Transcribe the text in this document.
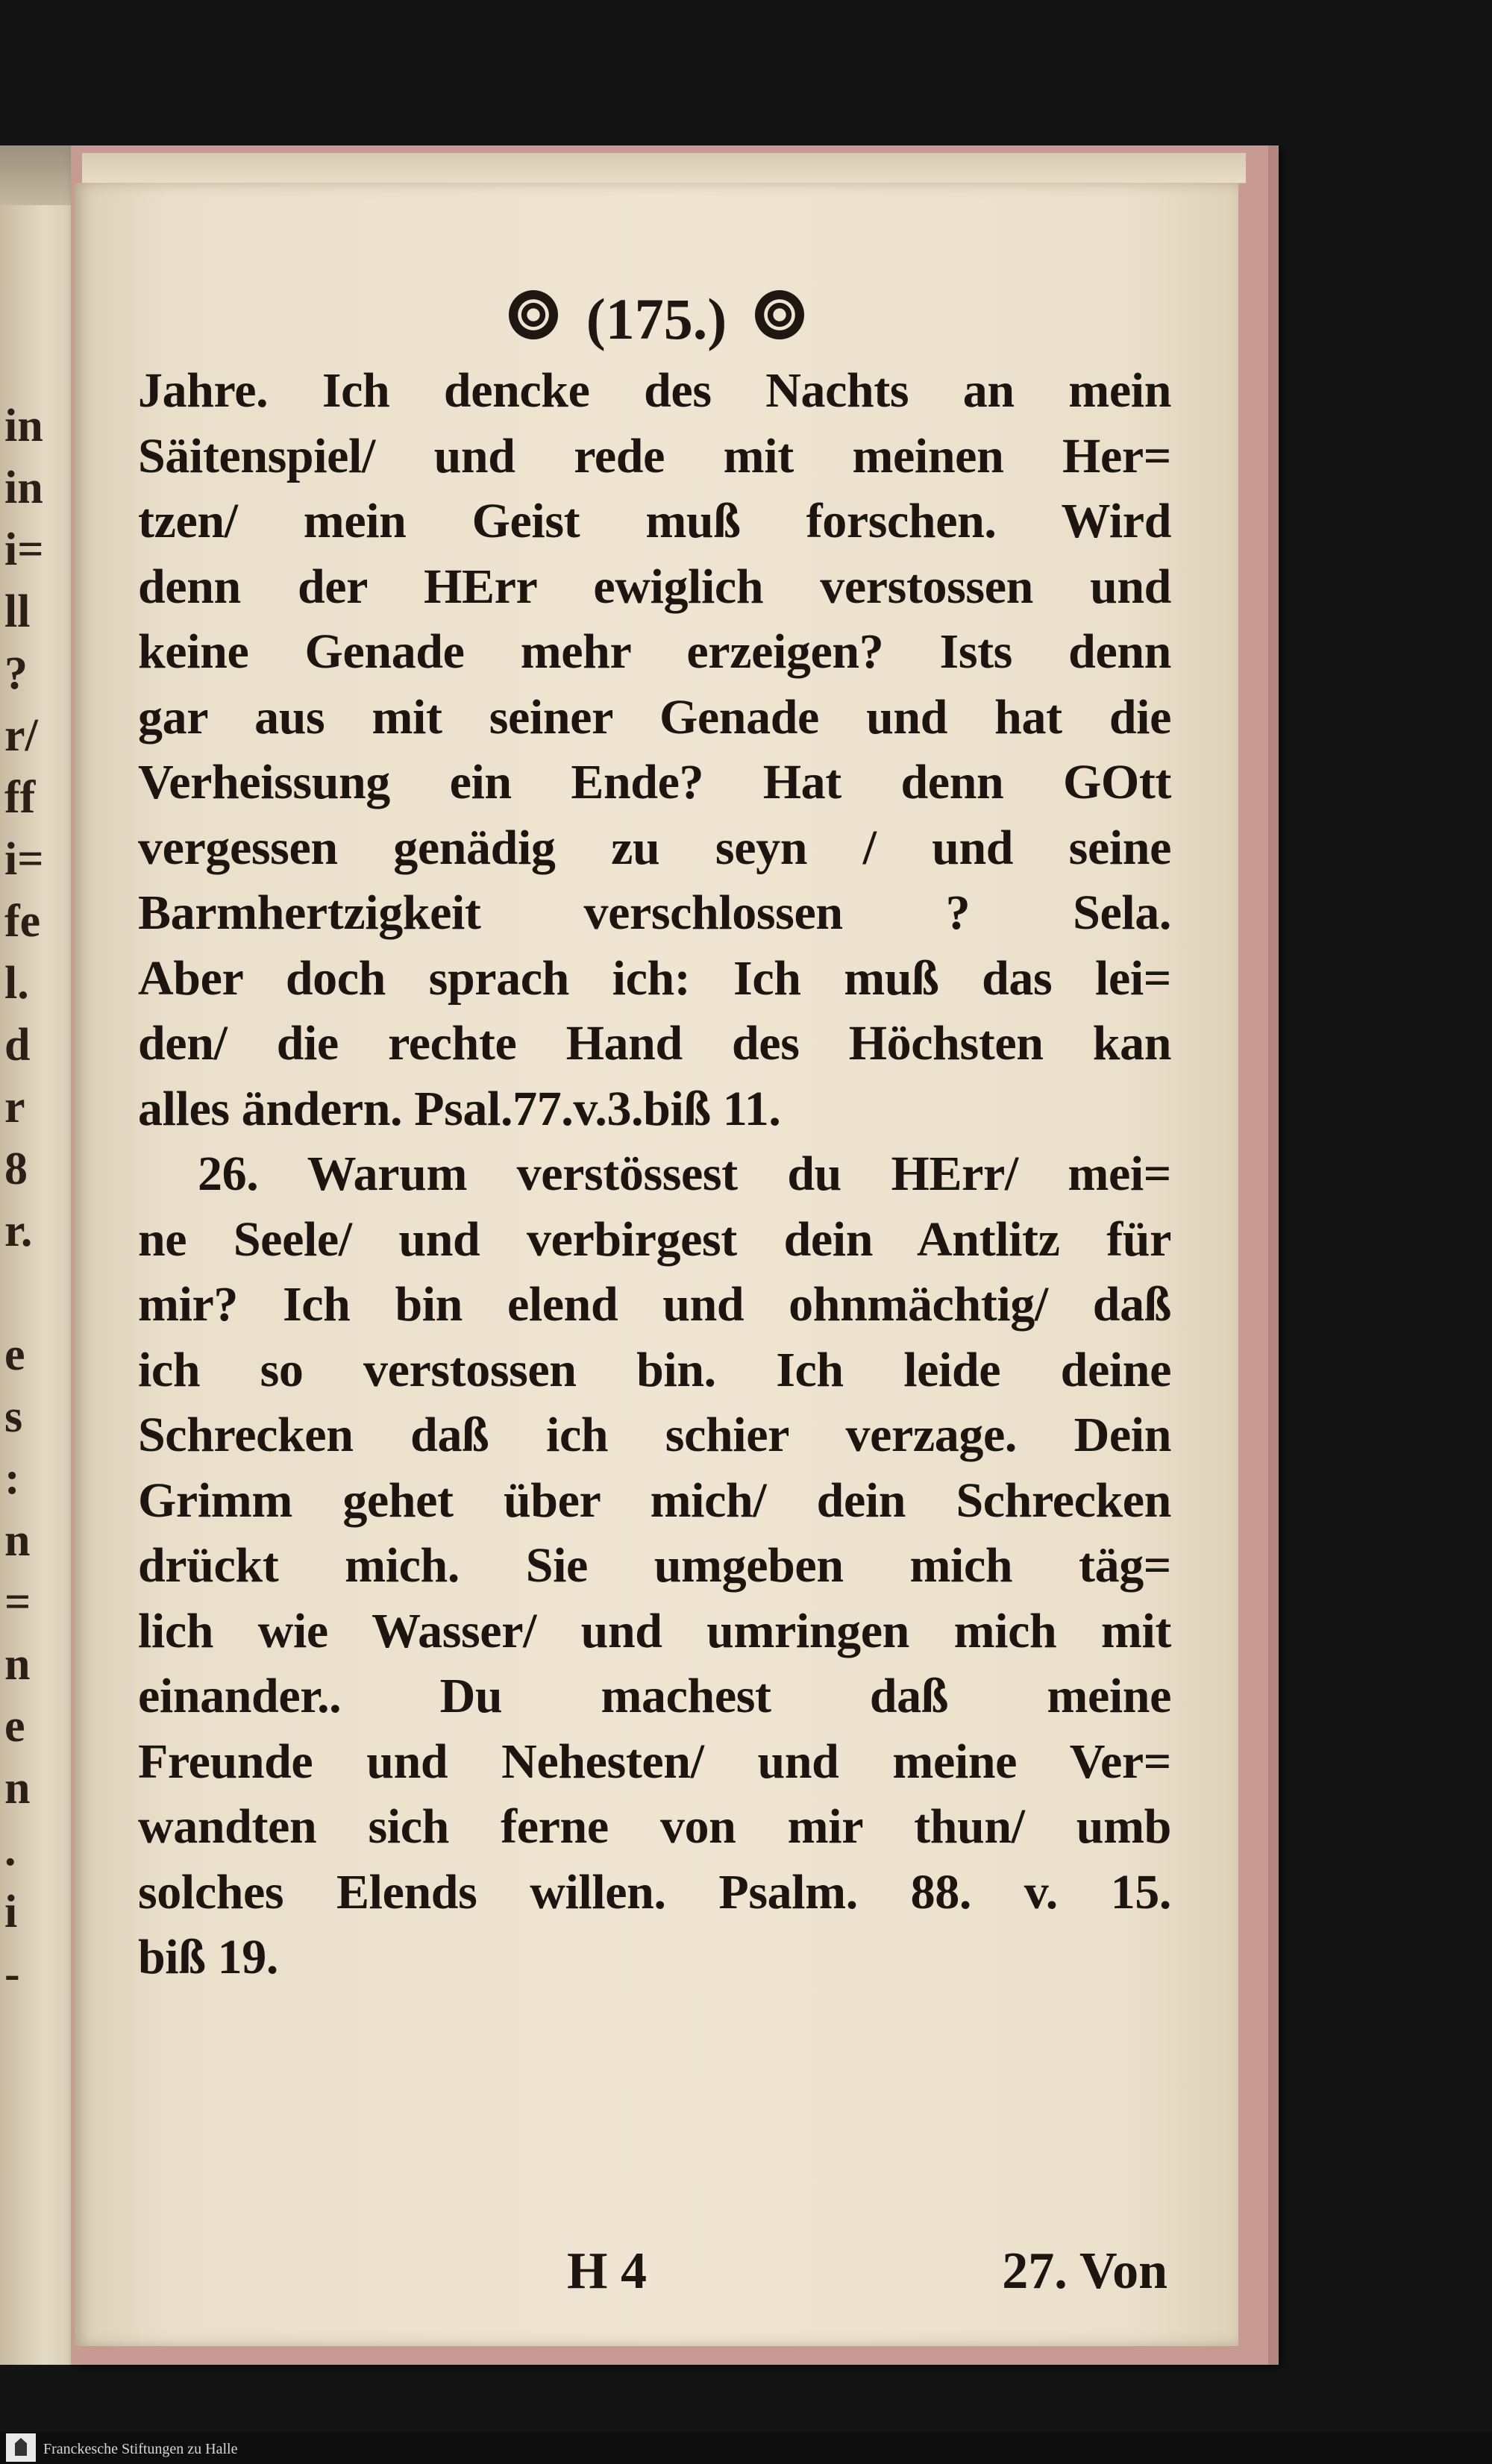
in
in
i=
ll
?
r/
ff
i=
fe
l.
d
r
8
r.

e
s
:
n
=
n
e
n
.
i
-
(175.)
Jahre. Ich dencke des Nachts an mein
Säitenspiel/ und rede mit meinen Her=
tzen/ mein Geist muß forschen. Wird
denn der HErr ewiglich verstossen und
keine Genade mehr erzeigen? Ists denn
gar aus mit seiner Genade und hat die
Verheissung ein Ende? Hat denn GOtt
vergessen genädig zu seyn / und seine
Barmhertzigkeit verschlossen ? Sela.
Aber doch sprach ich: Ich muß das lei=
den/ die rechte Hand des Höchsten kan
alles ändern. Psal.77.v.3.biß 11.
26. Warum verstössest du HErr/ mei=
ne Seele/ und verbirgest dein Antlitz für
mir? Ich bin elend und ohnmächtig/ daß
ich so verstossen bin. Ich leide deine
Schrecken daß ich schier verzage. Dein
Grimm gehet über mich/ dein Schrecken
drückt mich. Sie umgeben mich täg=
lich wie Wasser/ und umringen mich mit
einander.. Du machest daß meine
Freunde und Nehesten/ und meine Ver=
wandten sich ferne von mir thun/ umb
solches Elends willen. Psalm. 88. v. 15.
biß 19.
H 4	27. Von
Franckesche Stiftungen zu Halle
